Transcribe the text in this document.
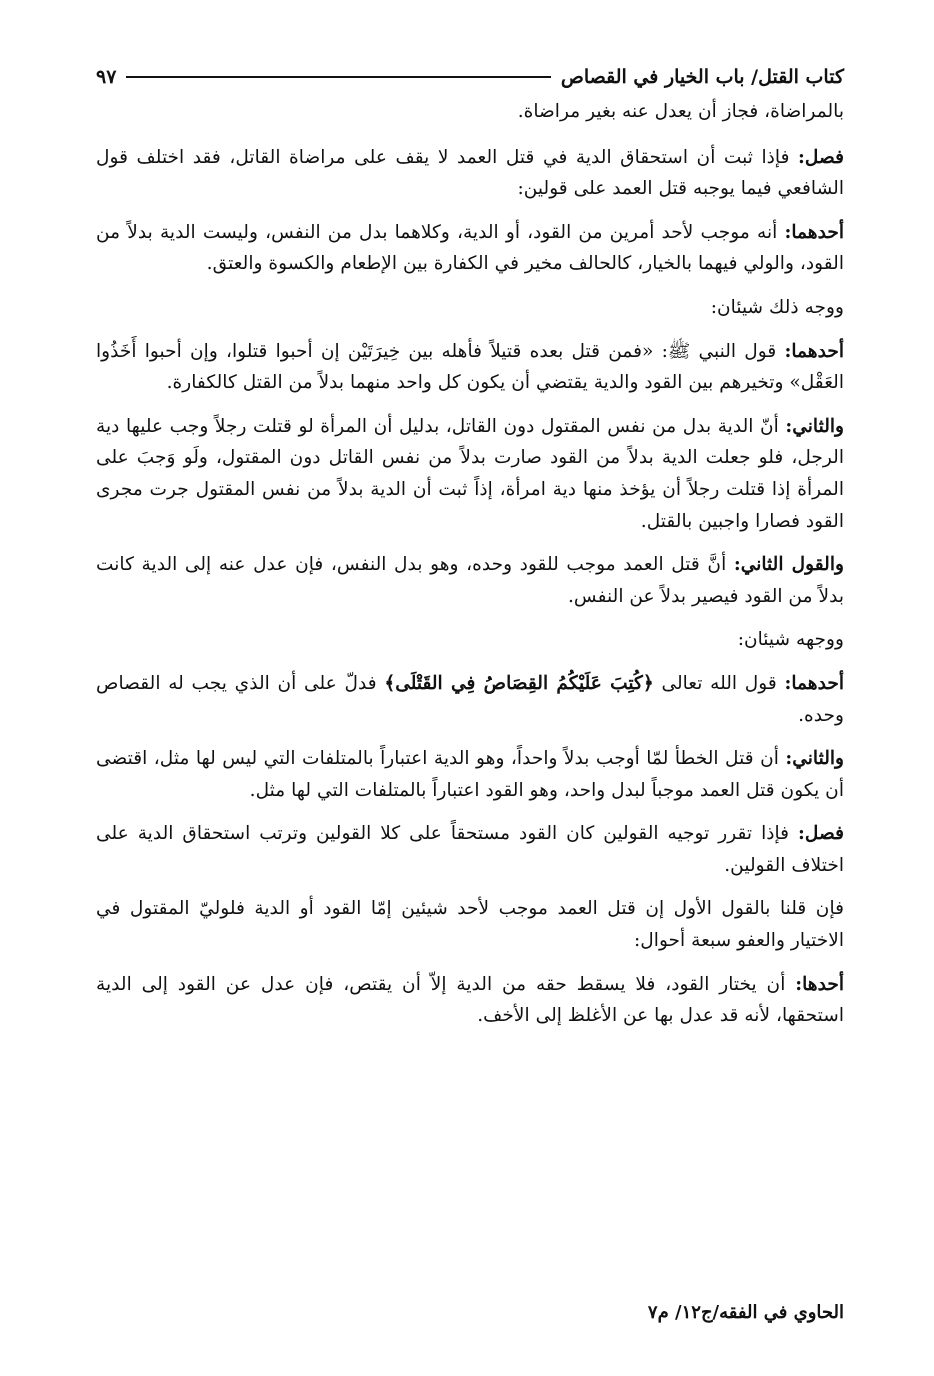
كتاب القتل/ باب الخيار في القصاص
٩٧

بالمراضاة، فجاز أن يعدل عنه بغير مراضاة.

فصل: فإذا ثبت أن استحقاق الدية في قتل العمد لا يقف على مراضاة القاتل، فقد اختلف قول الشافعي فيما يوجبه قتل العمد على قولين:

أحدهما: أنه موجب لأحد أمرين من القود، أو الدية، وكلاهما بدل من النفس، وليست الدية بدلاً من القود، والولي فيهما بالخيار، كالحالف مخير في الكفارة بين الإطعام والكسوة والعتق.

ووجه ذلك شيئان:

أحدهما: قول النبي ﷺ: «فمن قتل بعده قتيلاً فأهله بين خِيرَتَيْن إن أحبوا قتلوا، وإن أحبوا أَخَذُوا العَقْل» وتخيرهم بين القود والدية يقتضي أن يكون كل واحد منهما بدلاً من القتل كالكفارة.

والثاني: أنّ الدية بدل من نفس المقتول دون القاتل، بدليل أن المرأة لو قتلت رجلاً وجب عليها دية الرجل، فلو جعلت الدية بدلاً من القود صارت بدلاً من نفس القاتل دون المقتول، ولَو وَجبَ على المرأة إذا قتلت رجلاً أن يؤخذ منها دية امرأة، إذاً ثبت أن الدية بدلاً من نفس المقتول جرت مجرى القود فصارا واجبين بالقتل.

والقول الثاني: أنَّ قتل العمد موجب للقود وحده، وهو بدل النفس، فإن عدل عنه إلى الدية كانت بدلاً من القود فيصير بدلاً عن النفس.

ووجهه شيئان:

أحدهما: قول الله تعالى ﴿كُتِبَ عَلَيْكُمُ القِصَاصُ فِي القَتْلَى﴾ فدلّ على أن الذي يجب له القصاص وحده.

والثاني: أن قتل الخطأ لمّا أوجب بدلاً واحداً، وهو الدية اعتباراً بالمتلفات التي ليس لها مثل، اقتضى أن يكون قتل العمد موجباً لبدل واحد، وهو القود اعتباراً بالمتلفات التي لها مثل.

فصل: فإذا تقرر توجيه القولين كان القود مستحقاً على كلا القولين وترتب استحقاق الدية على اختلاف القولين.

فإن قلنا بالقول الأول إن قتل العمد موجب لأحد شيئين إمّا القود أو الدية فلوليّ المقتول في الاختيار والعفو سبعة أحوال:

أحدها: أن يختار القود، فلا يسقط حقه من الدية إلاّ أن يقتص، فإن عدل عن القود إلى الدية استحقها، لأنه قد عدل بها عن الأغلظ إلى الأخف.

الحاوي في الفقه/ج١٢/ م٧
